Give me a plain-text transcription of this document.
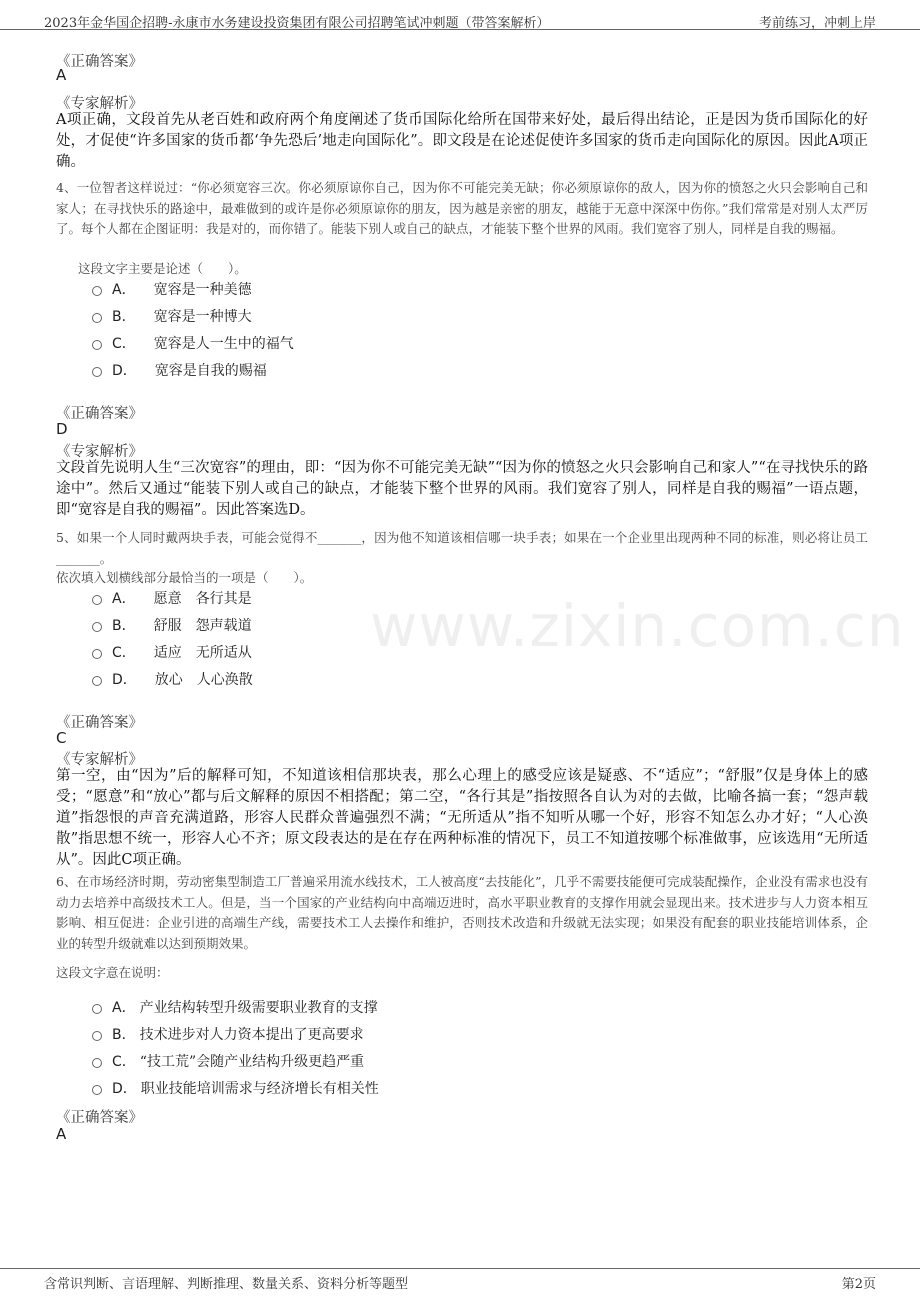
2023年金华国企招聘-永康市水务建设投资集团有限公司招聘笔试冲刺题（带答案解析）	考前练习，冲刺上岸
www.zixin.com.cn
《正确答案》
A
《专家解析》
A项正确，文段首先从老百姓和政府两个角度阐述了货币国际化给所在国带来好处，最后得出结论，正是因为货币国际化的好处，才促使“许多国家的货币都‘争先恐后’地走向国际化”。即文段是在论述促使许多国家的货币走向国际化的原因。因此A项正确。
4、一位智者这样说过：“你必须宽容三次。你必须原谅你自己，因为你不可能完美无缺；你必须原谅你的敌人，因为你的愤怒之火只会影响自己和家人；在寻找快乐的路途中，最难做到的或许是你必须原谅你的朋友，因为越是亲密的朋友，越能于无意中深深中伤你。”我们常常是对别人太严厉了。每个人都在企图证明：我是对的，而你错了。能装下别人或自己的缺点，才能装下整个世界的风雨。我们宽容了别人，同样是自我的赐福。
这段文字主要是论述（　　）。
A． 宽容是一种美德
B． 宽容是一种博大
C． 宽容是人一生中的福气
D． 宽容是自我的赐福
《正确答案》
D
《专家解析》
文段首先说明人生“三次宽容”的理由，即：“因为你不可能完美无缺”“因为你的愤怒之火只会影响自己和家人”“在寻找快乐的路途中”。然后又通过“能装下别人或自己的缺点，才能装下整个世界的风雨。我们宽容了别人，同样是自我的赐福”一语点题，即“宽容是自我的赐福”。因此答案选D。
5、如果一个人同时戴两块手表，可能会觉得不_______，因为他不知道该相信哪一块手表；如果在一个企业里出现两种不同的标准，则必将让员工_______。
依次填入划横线部分最恰当的一项是（　　）。
A． 愿意　各行其是
B． 舒服　怨声载道
C． 适应　无所适从
D． 放心　人心涣散
《正确答案》
C
《专家解析》
第一空，由“因为”后的解释可知，不知道该相信那块表，那么心理上的感受应该是疑惑、不“适应”；“舒服”仅是身体上的感受；“愿意”和“放心”都与后文解释的原因不相搭配；第二空，“各行其是”指按照各自认为对的去做，比喻各搞一套；“怨声载道”指怨恨的声音充满道路，形容人民群众普遍强烈不满；“无所适从”指不知听从哪一个好，形容不知怎么办才好；“人心涣散”指思想不统一，形容人心不齐；原文段表达的是在存在两种标准的情况下，员工不知道按哪个标准做事，应该选用“无所适从”。因此C项正确。
6、在市场经济时期，劳动密集型制造工厂普遍采用流水线技术，工人被高度“去技能化”，几乎不需要技能便可完成装配操作，企业没有需求也没有动力去培养中高级技术工人。但是，当一个国家的产业结构向中高端迈进时，高水平职业教育的支撑作用就会显现出来。技术进步与人力资本相互影响、相互促进：企业引进的高端生产线，需要技术工人去操作和维护，否则技术改造和升级就无法实现；如果没有配套的职业技能培训体系，企业的转型升级就难以达到预期效果。
这段文字意在说明：
A． 产业结构转型升级需要职业教育的支撑
B． 技术进步对人力资本提出了更高要求
C． “技工荒”会随产业结构升级更趋严重
D． 职业技能培训需求与经济增长有相关性
《正确答案》
A
含常识判断、言语理解、判断推理、数量关系、资料分析等题型	第2页
